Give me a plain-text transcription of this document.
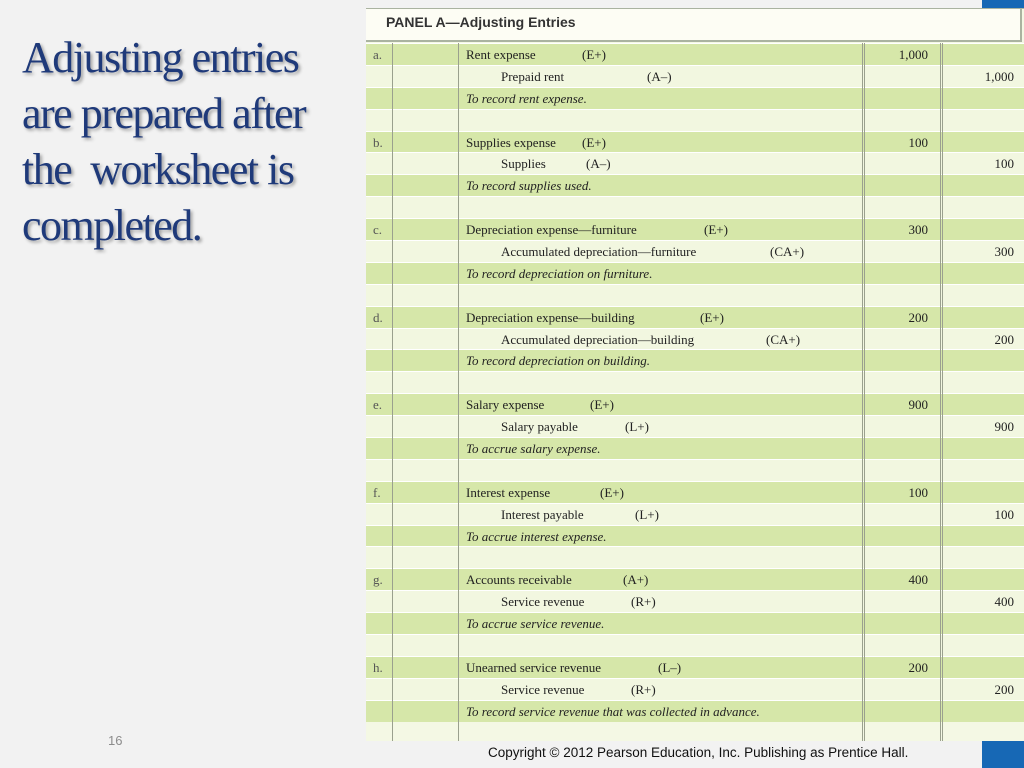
Adjusting entries
are prepared after
the  worksheet is
completed.
PANEL A—Adjusting Entries
a.	Rent expense	(E+)	1,000
Prepaid rent	(A–)	1,000
To record rent expense.
b.	Supplies expense (E+)	100
Supplies	(A–)	100
To record supplies used.
c.	Depreciation expense—furniture	(E+)	300
Accumulated depreciation—furniture	(CA+)	300
To record depreciation on furniture.
d.	Depreciation expense—building	(E+)	200
Accumulated depreciation—building	(CA+)	200
To record depreciation on building.
e.	Salary expense	(E+)	900
Salary payable	(L+)	900
To accrue salary expense.
f.	Interest expense	(E+)	100
Interest payable	(L+)	100
To accrue interest expense.
g.	Accounts receivable	(A+)	400
Service revenue	(R+)	400
To accrue service revenue.
h.	Unearned service revenue	(L–)	200
Service revenue	(R+)	200
To record service revenue that was collected in advance.
16
Copyright © 2012 Pearson Education, Inc. Publishing as Prentice Hall.
